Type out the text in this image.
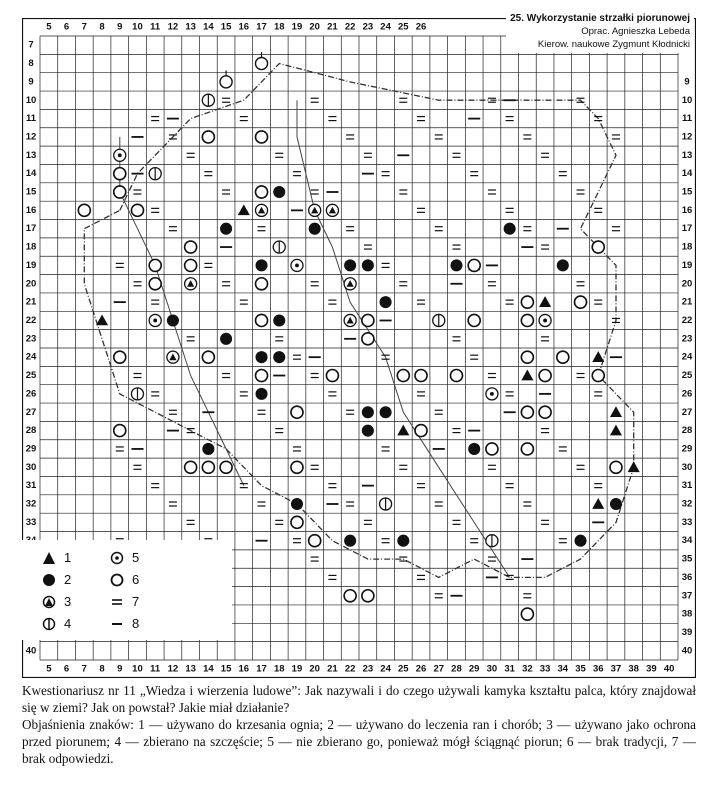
5 6 7 8 9 10 11 12 13 14 15 16 17 18 19 20 21 22 23 24 25 26
5 6 7 8 9 10 11 12 13 14 15 16 17 18 19 20 21 22 23 24 25 26 27 28 29 30 31 32 33 34 35 36 37 38 39 40
7
8
9
10
11
12
13
14
15
16
17
18
19
20
21
22
23
24
25
26
27
28
29
30
31
32
33
40
9
10
11
12
13
14
15
16
17
18
19
20
21
22
23
24
25
26
27
28
29
30
31
32
33
34
35
36
37
38
39
40
25. Wykorzystanie strzałki piorunowej
Oprac. Agnieszka Lebeda
Kierow. naukowe Zygmunt Kłodnicki
1
2
3
4
5
6
7
8

Kwestionariusz nr 11 „Wiedza i wierzenia ludowe”: Jak nazywali i do czego używali kamyka kształtu palca, który znajdował się w ziemi? Jak on powstał? Jakie miał działanie?

Objaśnienia znaków: 1 — używano do krzesania ognia; 2 — używano do leczenia ran i chorób; 3 — używano jako ochrona przed piorunem; 4 — zbierano na szczęście; 5 — nie zbierano go, ponieważ mógł ściągnąć piorun; 6 — brak tradycji, 7 — brak odpowiedzi.
